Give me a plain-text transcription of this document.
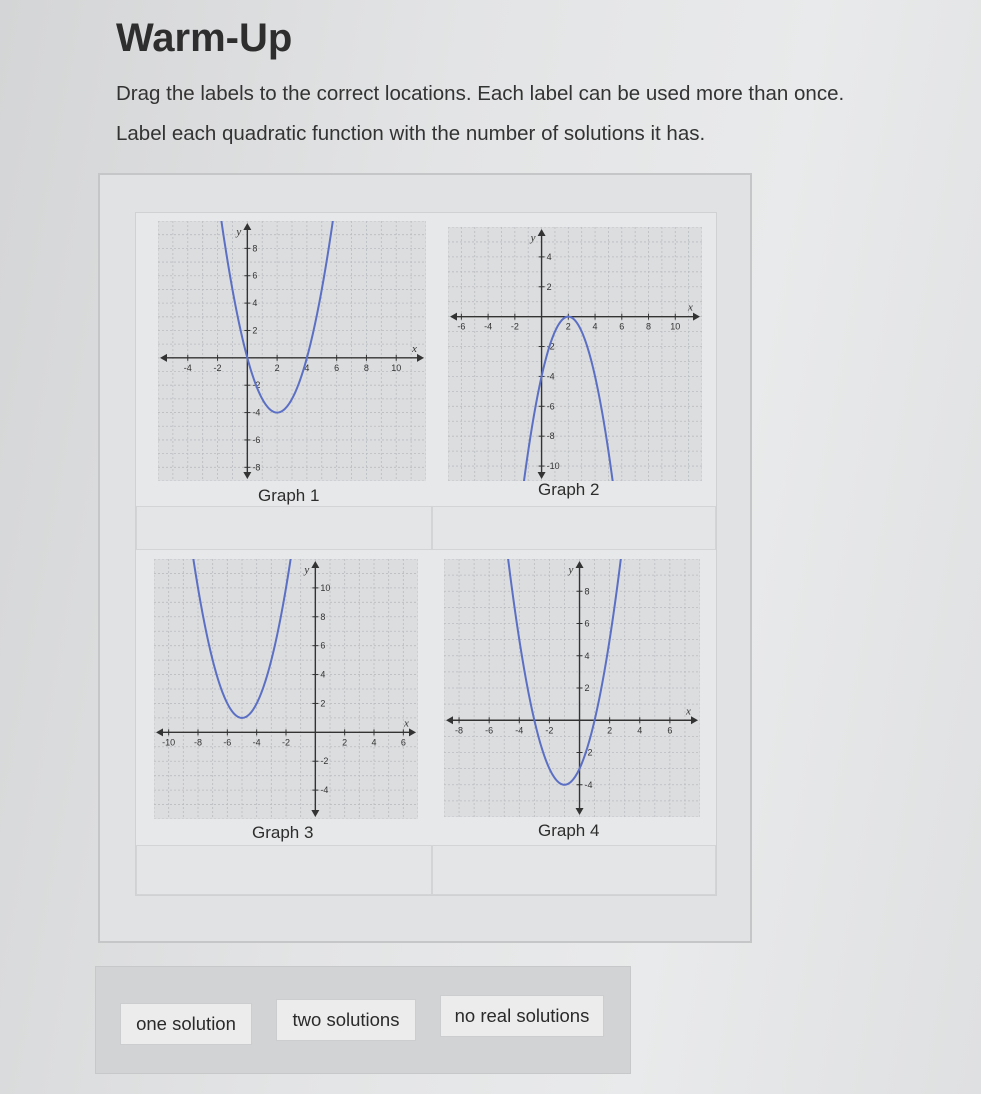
Warm-Up

Drag the labels to the correct locations. Each label can be used more than once.

Label each quadratic function with the number of solutions it has.

x
y
-4 -2	2	4	6	8 10
-8
-6
-4
-2
2
4
6
8
Graph 1
x
y
-6 -4 -2	2 4 6 8 10
-10
-8
-6
-4
-2
2
4
Graph 2
x
y
-10 -8 -6 -4 -2	2	4	6
-4
-2
2
4
6
8
10
Graph 3
x
y
-8 -6 -4 -2	2	4	6
-4
-2
2
4
6
8
Graph 4
one solution	two solutions	no real solutions
